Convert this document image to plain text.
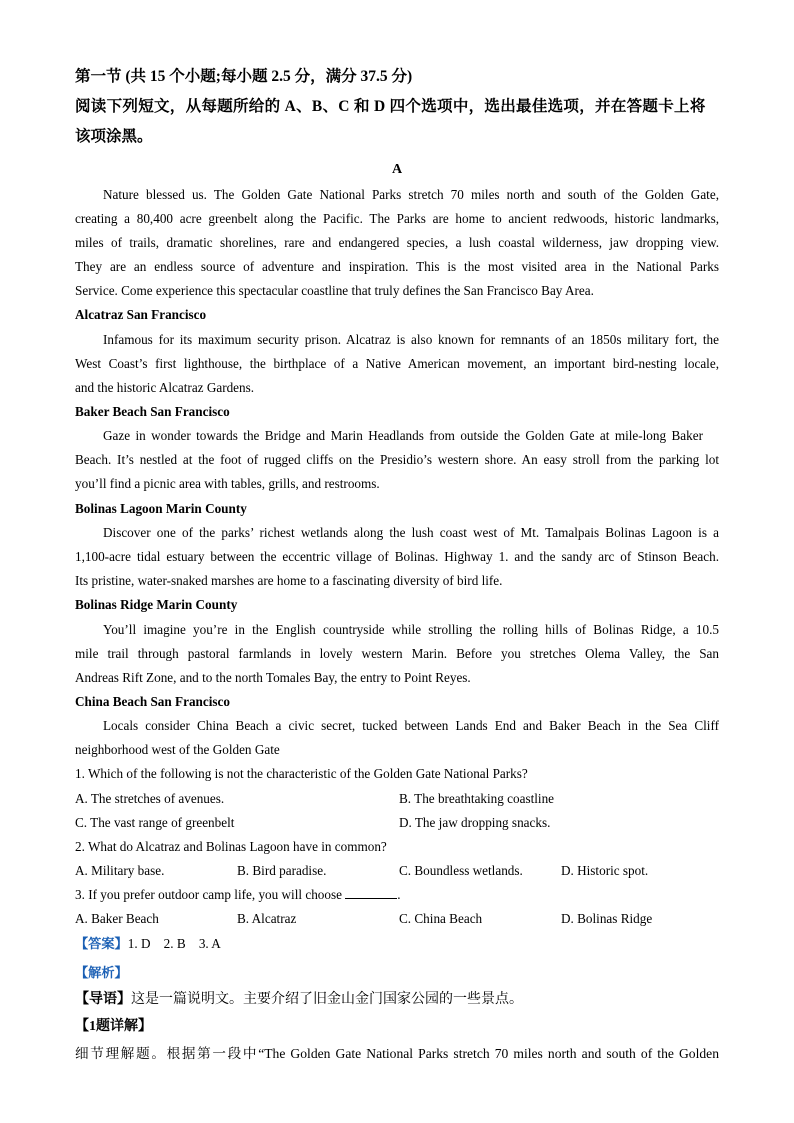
第一节 (共 15 个小题;每小题 2.5 分，满分 37.5 分)
阅读下列短文，从每题所给的 A、B、C 和 D 四个选项中，选出最佳选项，并在答题卡上将
该项涂黑。
A
Nature blessed us. The Golden Gate National Parks stretch 70 miles north and south of the Golden Gate,
creating a 80,400 acre greenbelt along the Pacific. The Parks are home to ancient redwoods, historic landmarks,
miles of trails, dramatic shorelines, rare and endangered species, a lush coastal wilderness, jaw dropping view.
They are an endless source of adventure and inspiration. This is the most visited area in the National Parks
Service. Come experience this spectacular coastline that truly defines the San Francisco Bay Area.
Alcatraz San Francisco
Infamous for its maximum security prison. Alcatraz is also known for remnants of an 1850s military fort, the
West Coast’s first lighthouse, the birthplace of a Native American movement, an important bird-nesting locale,
and the historic Alcatraz Gardens.
Baker Beach San Francisco
Gaze in wonder towards the Bridge and Marin Headlands from outside the Golden Gate at mile-long Baker
Beach. It’s nestled at the foot of rugged cliffs on the Presidio’s western shore. An easy stroll from the parking lot
you’ll find a picnic area with tables, grills, and restrooms.
Bolinas Lagoon Marin County
Discover one of the parks’ richest wetlands along the lush coast west of Mt. Tamalpais Bolinas Lagoon is a
1,100-acre tidal estuary between the eccentric village of Bolinas. Highway 1. and the sandy arc of Stinson Beach.
Its pristine, water-snaked marshes are home to a fascinating diversity of bird life.
Bolinas Ridge Marin County
You’ll imagine you’re in the English countryside while strolling the rolling hills of Bolinas Ridge, a 10.5
mile trail through pastoral farmlands in lovely western Marin. Before you stretches Olema Valley, the San
Andreas Rift Zone, and to the north Tomales Bay, the entry to Point Reyes.
China Beach San Francisco
Locals consider China Beach a civic secret, tucked between Lands End and Baker Beach in the Sea Cliff
neighborhood west of the Golden Gate
1. Which of the following is not the characteristic of the Golden Gate National Parks?
A. The stretches of avenues.	B. The breathtaking coastline
C. The vast range of greenbelt	D. The jaw dropping snacks.
2. What do Alcatraz and Bolinas Lagoon have in common?
A. Military base.	B. Bird paradise.	C. Boundless wetlands.	D. Historic spot.
3. If you prefer outdoor camp life, you will choose	.
A. Baker Beach	B. Alcatraz	C. China Beach	D. Bolinas Ridge
【答案】1. D    2. B    3. A
【解析】
【导语】这是一篇说明文。主要介绍了旧金山金门国家公园的一些景点。
【1题详解】
细节理解题。根据第一段中“The Golden Gate National Parks stretch 70 miles north and south of the Golden
